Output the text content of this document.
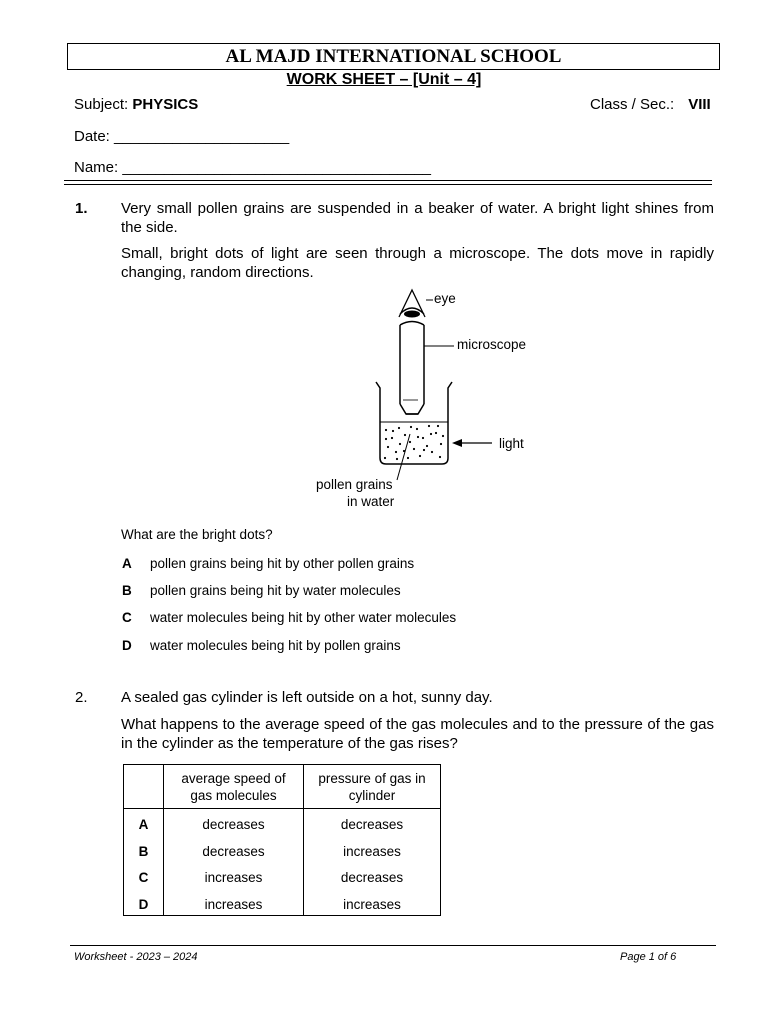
AL MAJD INTERNATIONAL SCHOOL
WORK SHEET – [Unit – 4]
Subject: PHYSICS	Class / Sec.: VIII
Date: _____________________
Name: _____________________________________
1. Very small pollen grains are suspended in a beaker of water. A bright light shines from the side.
Small, bright dots of light are seen through a microscope. The dots move in rapidly changing, random directions.
eye
microscope
light
pollen grains
in water
What are the bright dots?
A pollen grains being hit by other pollen grains
B pollen grains being hit by water molecules
C water molecules being hit by other water molecules
D water molecules being hit by pollen grains
2. A sealed gas cylinder is left outside on a hot, sunny day.
What happens to the average speed of the gas molecules and to the pressure of the gas in the cylinder as the temperature of the gas rises?
average speed of
gas molecules
pressure of gas in
cylinder
A	decreases	decreases
B	decreases	increases
C	increases	decreases
D	increases	increases
Worksheet - 2023 – 2024	Page 1 of 6
